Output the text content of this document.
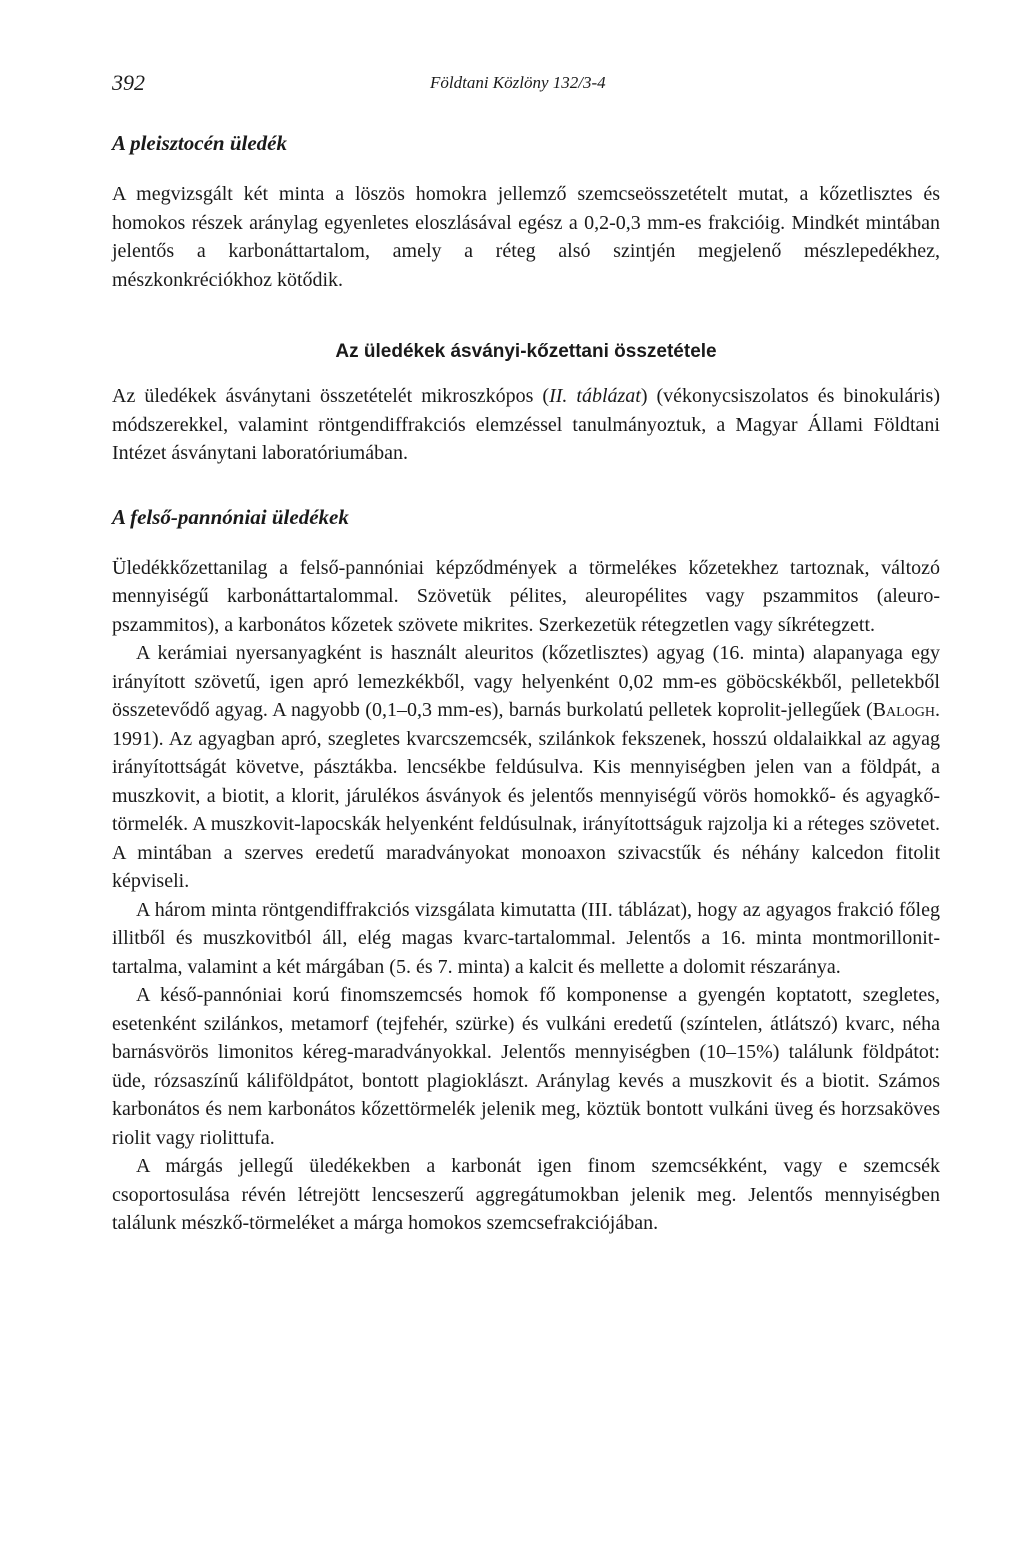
392	Földtani Közlöny 132/3-4
A pleisztocén üledék

A megvizsgált két minta a löszös homokra jellemző szemcseösszetételt mutat, a kőzetlisztes és homokos részek aránylag egyenletes eloszlásával egész a 0,2-0,3 mm-es frakcióig. Mindkét mintában jelentős a karbonáttartalom, amely a réteg alsó szintjén megjelenő mészlepedékhez, mészkonkréciókhoz kötődik.

Az üledékek ásványi-kőzettani összetétele

Az üledékek ásványtani összetételét mikroszkópos (II. táblázat) (vékonycsiszolatos és binokuláris) módszerekkel, valamint röntgendiffrakciós elemzéssel tanulmányoztuk, a Magyar Állami Földtani Intézet ásványtani laboratóriumában.

A felső-pannóniai üledékek

Üledékkőzettanilag a felső-pannóniai képződmények a törmelékes kőzetekhez tartoznak, változó mennyiségű karbonáttartalommal. Szövetük pélites, aleuropélites vagy pszammitos (aleuro-pszammitos), a karbonátos kőzetek szövete mikrites. Szerkezetük rétegzetlen vagy síkrétegzett.

A kerámiai nyersanyagként is használt aleuritos (kőzetlisztes) agyag (16. minta) alapanyaga egy irányított szövetű, igen apró lemezkékből, vagy helyenként 0,02 mm-es göböcskékből, pelletekből összetevődő agyag. A nagyobb (0,1–0,3 mm-es), barnás burkolatú pelletek koprolit-jellegűek (Balogh. 1991). Az agyagban apró, szegletes kvarcszemcsék, szilánkok fekszenek, hosszú oldalaikkal az agyag irányítottságát követve, pásztákba. lencsékbe feldúsulva. Kis mennyiségben jelen van a földpát, a muszkovit, a biotit, a klorit, járulékos ásványok és jelentős mennyiségű vörös homokkő- és agyagkő-törmelék. A muszkovit-lapocskák helyenként feldúsulnak, irányítottságuk rajzolja ki a réteges szövetet. A mintában a szerves eredetű maradványokat monoaxon szivacstűk és néhány kalcedon fitolit képviseli.

A három minta röntgendiffrakciós vizsgálata kimutatta (III. táblázat), hogy az agyagos frakció főleg illitből és muszkovitból áll, elég magas kvarc-tartalommal. Jelentős a 16. minta montmorillonit-tartalma, valamint a két márgában (5. és 7. minta) a kalcit és mellette a dolomit részaránya.

A késő-pannóniai korú finomszemcsés homok fő komponense a gyengén koptatott, szegletes, esetenként szilánkos, metamorf (tejfehér, szürke) és vulkáni eredetű (színtelen, átlátszó) kvarc, néha barnásvörös limonitos kéreg-maradványokkal. Jelentős mennyiségben (10–15%) találunk földpátot: üde, rózsaszínű káliföldpátot, bontott plagioklászt. Aránylag kevés a muszkovit és a biotit. Számos karbonátos és nem karbonátos kőzettörmelék jelenik meg, köztük bontott vulkáni üveg és horzsaköves riolit vagy riolittufa.

A márgás jellegű üledékekben a karbonát igen finom szemcsékként, vagy e szemcsék csoportosulása révén létrejött lencseszerű aggregátumokban jelenik meg. Jelentős mennyiségben találunk mészkő-törmeléket a márga homokos szemcsefrakciójában.
